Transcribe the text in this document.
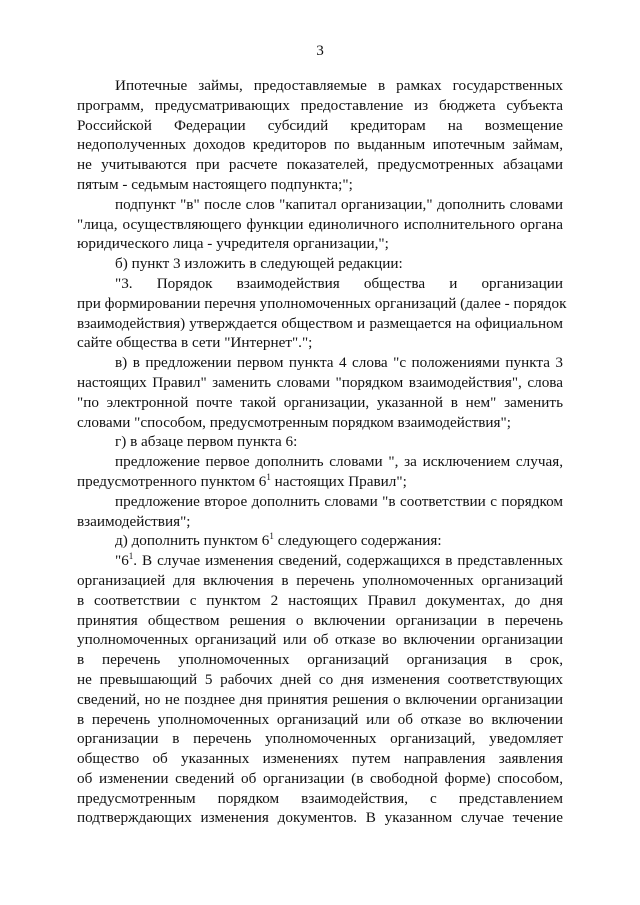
3
Ипотечные займы, предоставляемые в рамках государственных
программ, предусматривающих предоставление из бюджета субъекта
Российской Федерации субсидий кредиторам на возмещение
недополученных доходов кредиторов по выданным ипотечным займам,
не учитываются при расчете показателей, предусмотренных абзацами
пятым - седьмым настоящего подпункта;";
подпункт "в" после слов "капитал организации," дополнить словами
"лица, осуществляющего функции единоличного исполнительного органа
юридического лица - учредителя организации,";
б) пункт 3 изложить в следующей редакции:
"3. Порядок взаимодействия общества и организации
при формировании перечня уполномоченных организаций (далее - порядок
взаимодействия) утверждается обществом и размещается на официальном
сайте общества в сети "Интернет".";
в) в предложении первом пункта 4 слова "с положениями пункта 3
настоящих Правил" заменить словами "порядком взаимодействия", слова
"по электронной почте такой организации, указанной в нем" заменить
словами "способом, предусмотренным порядком взаимодействия";
г) в абзаце первом пункта 6:
предложение первое дополнить словами ", за исключением случая,
предусмотренного пунктом $6^1$ настоящих Правил";
предложение второе дополнить словами "в соответствии с порядком
взаимодействия";
д) дополнить пунктом $6^1$ следующего содержания:
"$6^1$. В случае изменения сведений, содержащихся в представленных
организацией для включения в перечень уполномоченных организаций
в соответствии с пунктом 2 настоящих Правил документах, до дня
принятия обществом решения о включении организации в перечень
уполномоченных организаций или об отказе во включении организации
в перечень уполномоченных организаций организация в срок,
не превышающий 5 рабочих дней со дня изменения соответствующих
сведений, но не позднее дня принятия решения о включении организации
в перечень уполномоченных организаций или об отказе во включении
организации в перечень уполномоченных организаций, уведомляет
общество об указанных изменениях путем направления заявления
об изменении сведений об организации (в свободной форме) способом,
предусмотренным порядком взаимодействия, с представлением
подтверждающих изменения документов. В указанном случае течение
